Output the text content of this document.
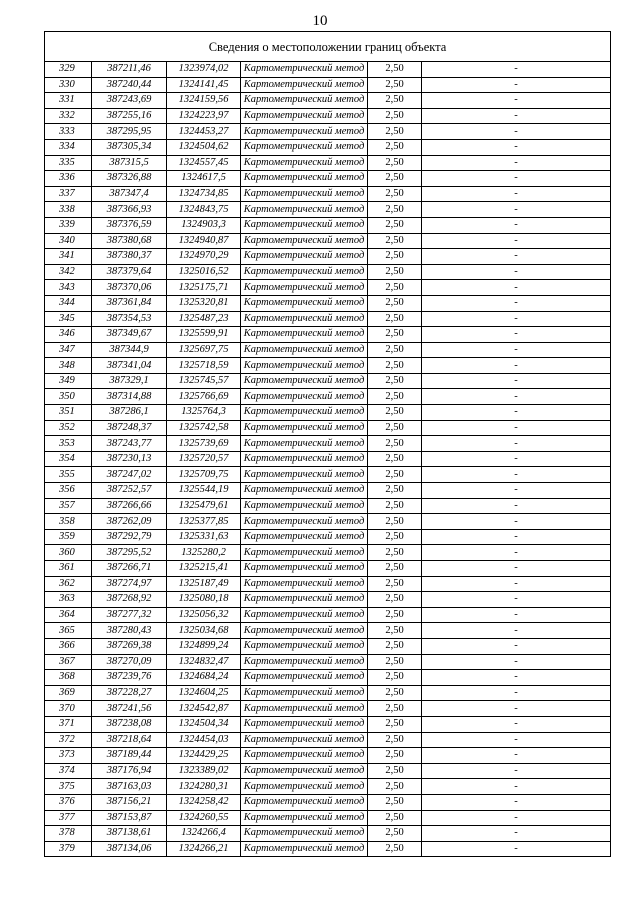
10
Сведения о местоположении границ объекта					
329	387211,46	1323974,02	Картометрический метод	2,50	-
330	387240,44	1324141,45	Картометрический метод	2,50	-
331	387243,69	1324159,56	Картометрический метод	2,50	-
332	387255,16	1324223,97	Картометрический метод	2,50	-
333	387295,95	1324453,27	Картометрический метод	2,50	-
334	387305,34	1324504,62	Картометрический метод	2,50	-
335	387315,5	1324557,45	Картометрический метод	2,50	-
336	387326,88	1324617,5	Картометрический метод	2,50	-
337	387347,4	1324734,85	Картометрический метод	2,50	-
338	387366,93	1324843,75	Картометрический метод	2,50	-
339	387376,59	1324903,3	Картометрический метод	2,50	-
340	387380,68	1324940,87	Картометрический метод	2,50	-
341	387380,37	1324970,29	Картометрический метод	2,50	-
342	387379,64	1325016,52	Картометрический метод	2,50	-
343	387370,06	1325175,71	Картометрический метод	2,50	-
344	387361,84	1325320,81	Картометрический метод	2,50	-
345	387354,53	1325487,23	Картометрический метод	2,50	-
346	387349,67	1325599,91	Картометрический метод	2,50	-
347	387344,9	1325697,75	Картометрический метод	2,50	-
348	387341,04	1325718,59	Картометрический метод	2,50	-
349	387329,1	1325745,57	Картометрический метод	2,50	-
350	387314,88	1325766,69	Картометрический метод	2,50	-
351	387286,1	1325764,3	Картометрический метод	2,50	-
352	387248,37	1325742,58	Картометрический метод	2,50	-
353	387243,77	1325739,69	Картометрический метод	2,50	-
354	387230,13	1325720,57	Картометрический метод	2,50	-
355	387247,02	1325709,75	Картометрический метод	2,50	-
356	387252,57	1325544,19	Картометрический метод	2,50	-
357	387266,66	1325479,61	Картометрический метод	2,50	-
358	387262,09	1325377,85	Картометрический метод	2,50	-
359	387292,79	1325331,63	Картометрический метод	2,50	-
360	387295,52	1325280,2	Картометрический метод	2,50	-
361	387266,71	1325215,41	Картометрический метод	2,50	-
362	387274,97	1325187,49	Картометрический метод	2,50	-
363	387268,92	1325080,18	Картометрический метод	2,50	-
364	387277,32	1325056,32	Картометрический метод	2,50	-
365	387280,43	1325034,68	Картометрический метод	2,50	-
366	387269,38	1324899,24	Картометрический метод	2,50	-
367	387270,09	1324832,47	Картометрический метод	2,50	-
368	387239,76	1324684,24	Картометрический метод	2,50	-
369	387228,27	1324604,25	Картометрический метод	2,50	-
370	387241,56	1324542,87	Картометрический метод	2,50	-
371	387238,08	1324504,34	Картометрический метод	2,50	-
372	387218,64	1324454,03	Картометрический метод	2,50	-
373	387189,44	1324429,25	Картометрический метод	2,50	-
374	387176,94	1323389,02	Картометрический метод	2,50	-
375	387163,03	1324280,31	Картометрический метод	2,50	-
376	387156,21	1324258,42	Картометрический метод	2,50	-
377	387153,87	1324260,55	Картометрический метод	2,50	-
378	387138,61	1324266,4	Картометрический метод	2,50	-
379	387134,06	1324266,21	Картометрический метод	2,50	-
